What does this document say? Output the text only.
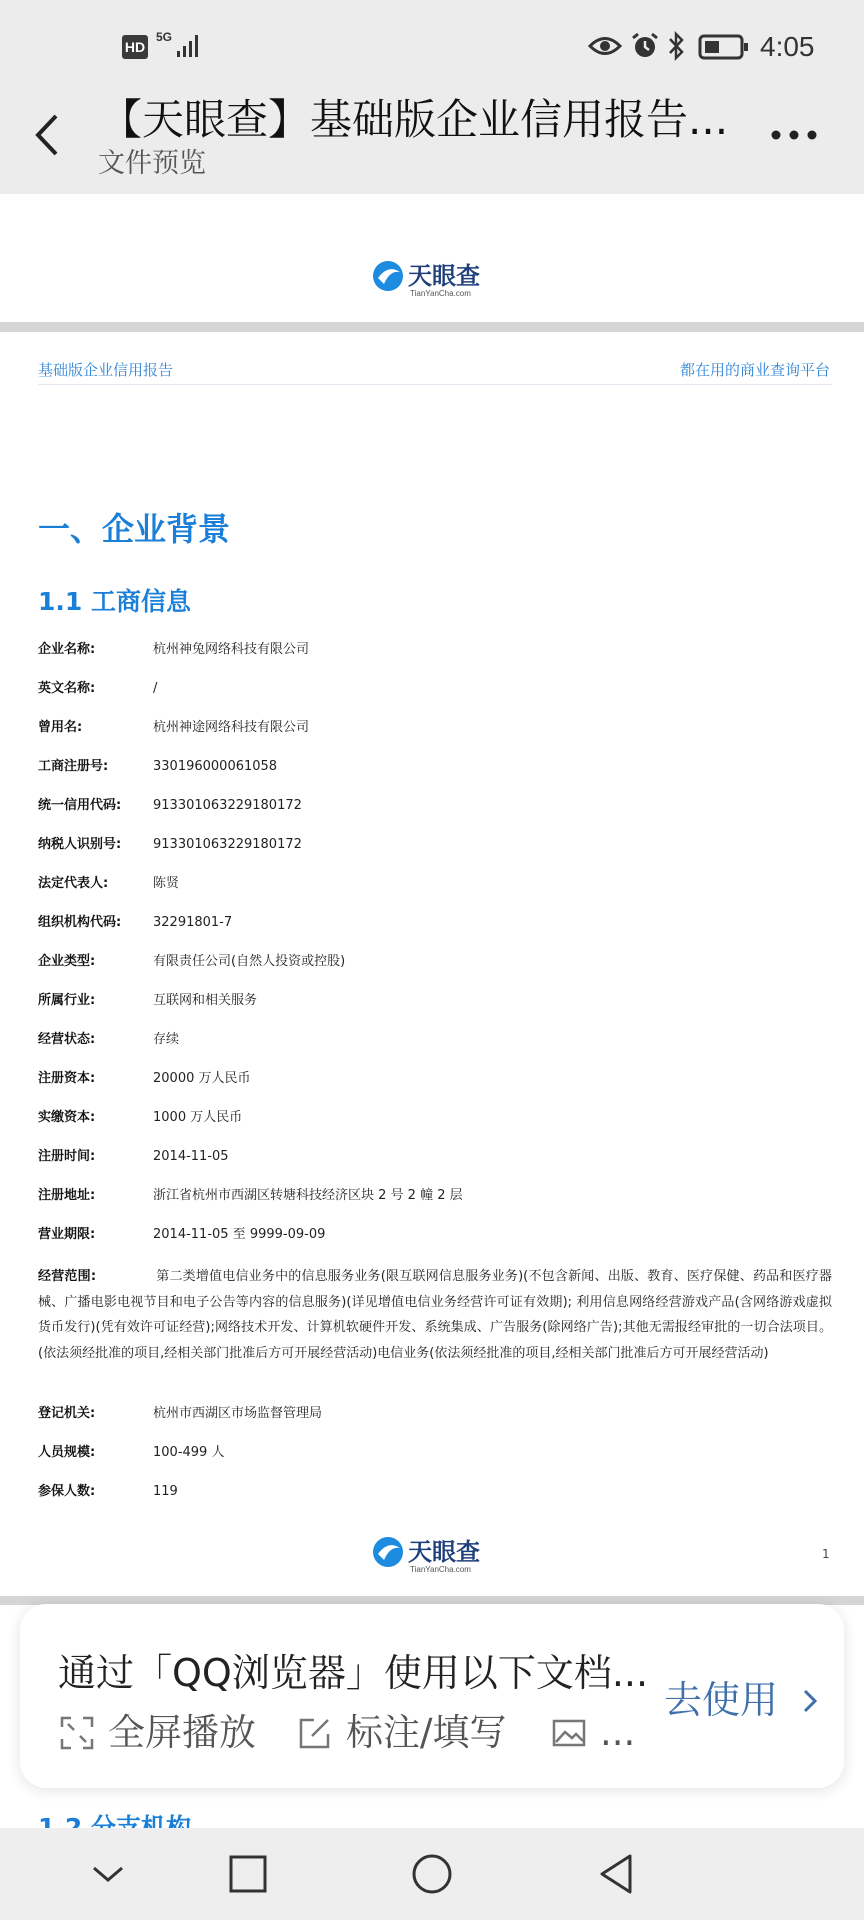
HD
5G	4:05
【天眼查】基础版企业信用报告...
文件预览
天眼查
TianYanCha.com
基础版企业信用报告	都在用的商业查询平台
一、企业背景
1.1 工商信息
企业名称:	杭州神兔网络科技有限公司
英文名称:	/
曾用名:	杭州神途网络科技有限公司
工商注册号:	330196000061058
统一信用代码: 913301063229180172
纳税人识别号: 913301063229180172
法定代表人:	陈贤
组织机构代码: 32291801-7
企业类型:	有限责任公司(自然人投资或控股)
所属行业:	互联网和相关服务
经营状态:	存续
注册资本:	20000 万人民币
实缴资本:	1000 万人民币
注册时间:	2014-11-05
注册地址:	浙江省杭州市西湖区转塘科技经济区块 2 号 2 幢 2 层
营业期限:	2014-11-05 至 9999-09-09
经营范围:	第二类增值电信业务中的信息服务业务(限互联网信息服务业务)(不包含新闻、出版、教育、医疗保健、药品和医疗器械、广播电影电视节目和电子公告等内容的信息服务)(详见增值电信业务经营许可证有效期); 利用信息网络经营游戏产品(含网络游戏虚拟货币发行)(凭有效许可证经营);网络技术开发、计算机软硬件开发、系统集成、广告服务(除网络广告);其他无需报经审批的一切合法项目。(依法须经批准的项目,经相关部门批准后方可开展经营活动)电信业务(依法须经批准的项目,经相关部门批准后方可开展经营活动)
登记机关:	杭州市西湖区市场监督管理局
人员规模:	100-499 人
参保人数:	119
天眼查
TianYanCha.com
1
通过「QQ浏览器」使用以下文档...
全屏播放 标注/填写	...
去使用
